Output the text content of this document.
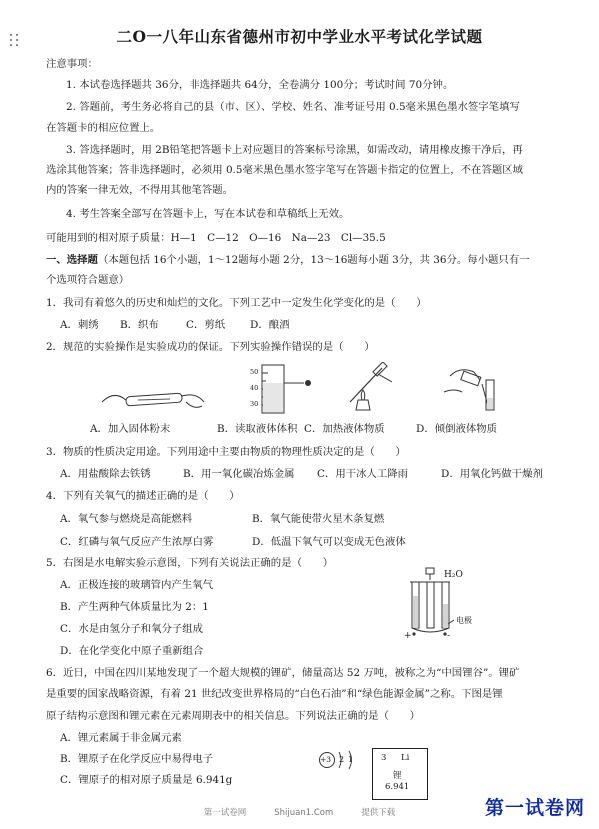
二O一八年山东省德州市初中学业水平考试化学试题
注意事项：
1. 本试卷选择题共 36分，非选择题共 64分，全卷满分 100分；考试时间 70分钟。
2. 答题前，考生务必将自己的县（市、区）、学校、姓名、准考证号用 0.5毫米黑色墨水签字笔填写
在答题卡的相应位置上。
3. 答选择题时，用 2B铅笔把答题卡上对应题目的答案标号涂黑，如需改动，请用橡皮擦干净后，再
选涂其他答案；答非选择题时，必须用 0.5毫米黑色墨水签字笔写在答题卡指定的位置上，不在答题区域
内的答案一律无效，不得用其他笔答题。
4. 考生答案全部写在答题卡上，写在本试卷和草稿纸上无效。
可能用到的相对原子质量：H—1　C—12　O—16　Na—23　Cl—35.5
一、选择题（本题包括 16个小题，1～12题每小题 2分，13～16题每小题 3分，共 36分。每小题只有一
个选项符合题意）
1．我司有着悠久的历史和灿烂的文化。下列工艺中一定发生化学变化的是（　　）
A．刺绣 B．织布	C．剪纸 D．酿酒
2．规范的实验操作是实验成功的保证。下列实验操作错误的是（　　）
50
40
30
A．加入固体粉末	B．读取液体体积 C．加热液体物质	D．倾倒液体物质
3．物质的性质决定用途。下列用途中主要由物质的物理性质决定的是（　　）
A．用盐酸除去铁锈	B．用一氧化碳冶炼金属 C．用干冰人工降雨	D．用氧化钙做干燥剂
4．下列有关氧气的描述正确的是（　　）
A．氧气参与燃烧是高能燃料	B．氧气能使带火星木条复燃
C．红磷与氧气反应产生浓厚白雾	D．低温下氧气可以变成无色液体
5．右图是水电解实验示意图，下列有关说法正确的是（　　）
A．正极连接的玻璃管内产生氧气
B．产生两种气体质量比为 2：1
C．水是由氢分子和氧分子组成
D．在化学变化中原子重新组合
H₂O
电极
+	-
6．近日，中国在四川某地发现了一个超大规模的锂矿，储量高达 52 万吨，被称之为“中国锂谷”。锂矿
是重要的国家战略资源，有着 21 世纪改变世界格局的“白色石油”和“绿色能源金属”之称。下图是锂
原子结构示意图和锂元素在元素周期表中的相关信息。下列说法正确的是（　　）
A．锂元素属于非金属元素
B．锂原子在化学反应中易得电子
C．锂原子的相对原子质量是 6.941g
+3 2 1	3 Li
锂
6.941
第一试卷网	Shijuan1.Com	提供下载	第一试卷网
